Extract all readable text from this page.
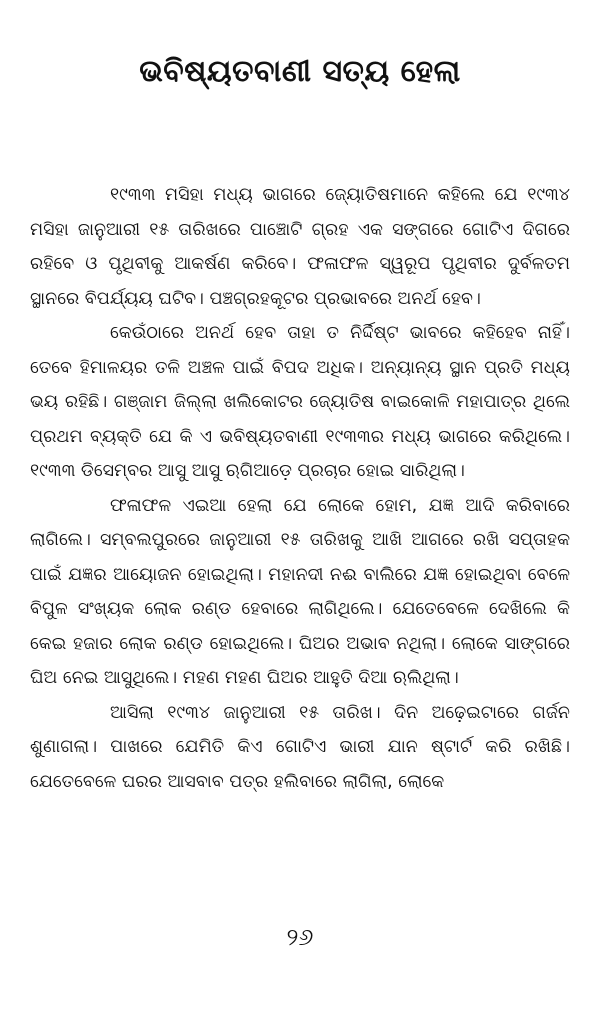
ଭବିଷ୍ୟତବାଣୀ ସତ୍ୟ ହେଲା

୧୯୩୩ ମସିହା ମଧ୍ୟ ଭାଗରେ ଜ୍ୟୋତିଷମାନେ କହିଲେ ଯେ ୧୯୩୪ ମସିହା ଜାନୁଆରୀ ୧୫ ତାରିଖରେ ପାଞ୍ଚୋଟି ଗ୍ରହ ଏକ ସଙ୍ଗରେ ଗୋଟିଏ ଦିଗରେ ରହିବେ ଓ ପୃଥିବୀକୁ ଆକର୍ଷଣ କରିବେ। ଫଳାଫଳ ସ୍ୱରୂପ ପୃଥିବୀର ଦୁର୍ବଳତମ ସ୍ଥାନରେ ବିପର୍ଯ୍ୟୟ ଘଟିବ। ପଞ୍ଚଗ୍ରହକୂଟର ପ୍ରଭାବରେ ଅନର୍ଥ ହେବ।

କେଉଁଠାରେ ଅନର୍ଥ ହେବ ତାହା ତ ନିର୍ଦ୍ଦିଷ୍ଟ ଭାବରେ କହିହେବ ନାହିଁ। ତେବେ ହିମାଳୟର ତଳି ଅଞ୍ଚଳ ପାଇଁ ବିପଦ ଅଧିକ। ଅନ୍ୟାନ୍ୟ ସ୍ଥାନ ପ୍ରତି ମଧ୍ୟ ଭୟ ରହିଛି। ଗଞ୍ଜାମ ଜିଲ୍ଲା ଖଲିକୋଟର ଜ୍ୟୋତିଷ ବାଇକୋଳି ମହାପାତ୍ର ଥିଲେ ପ୍ରଥମ ବ୍ୟକ୍ତି ଯେ କି ଏ ଭବିଷ୍ୟତବାଣୀ ୧୯୩୩ର ମଧ୍ୟ ଭାଗରେ କରିଥିଲେ। ୧୯୩୩ ଡିସେମ୍ବର ଆସୁ ଆସୁ ଋଗିଆଡ଼େ ପ୍ରଚାର ହୋଇ ସାରିଥିଲା।

ଫଳାଫଳ ଏଇଆ ହେଲା ଯେ ଲୋକେ ହୋମ, ଯଜ୍ଞ ଆଦି କରିବାରେ ଲାଗିଲେ। ସମ୍ବଲପୁରରେ ଜାନୁଆରୀ ୧୫ ତାରିଖକୁ ଆଖି ଆଗରେ ରଖି ସପ୍ତାହକ ପାଇଁ ଯଜ୍ଞର ଆୟୋଜନ ହୋଇଥିଲା। ମହାନଦୀ ନଈ ବାଲିରେ ଯଜ୍ଞ ହୋଇଥିବା ବେଳେ ବିପୁଳ ସଂଖ୍ୟକ ଲୋକ ରଣ୍ଡ ହେବାରେ ଲାଗିଥିଲେ। ଯେତେବେଳେ ଦେଖିଲେ କି କେଇ ହଜାର ଲୋକ ରଣ୍ଡ ହୋଇଥିଲେ। ଘିଅର ଅଭାବ ନଥିଲା। ଲୋକେ ସାଙ୍ଗରେ ଘିଅ ନେଇ ଆସୁଥିଲେ। ମହଣ ମହଣ ଘିଅର ଆହୁତି ଦିଆ ଋଲିଥିଲା।

ଆସିଲା ୧୯୩୪ ଜାନୁଆରୀ ୧୫ ତାରିଖ। ଦିନ ଅଢ଼େଇଟାରେ ଗର୍ଜନ ଶୁଣାଗଲା। ପାଖରେ ଯେମିତି କିଏ ଗୋଟିଏ ଭାରୀ ଯାନ ଷ୍ଟାର୍ଟ କରି ରଖିଛି। ଯେତେବେଳେ ଘରର ଆସବାବ ପତ୍ର ହଲିବାରେ ଲାଗିଲା, ଲୋକେ

୨୬
